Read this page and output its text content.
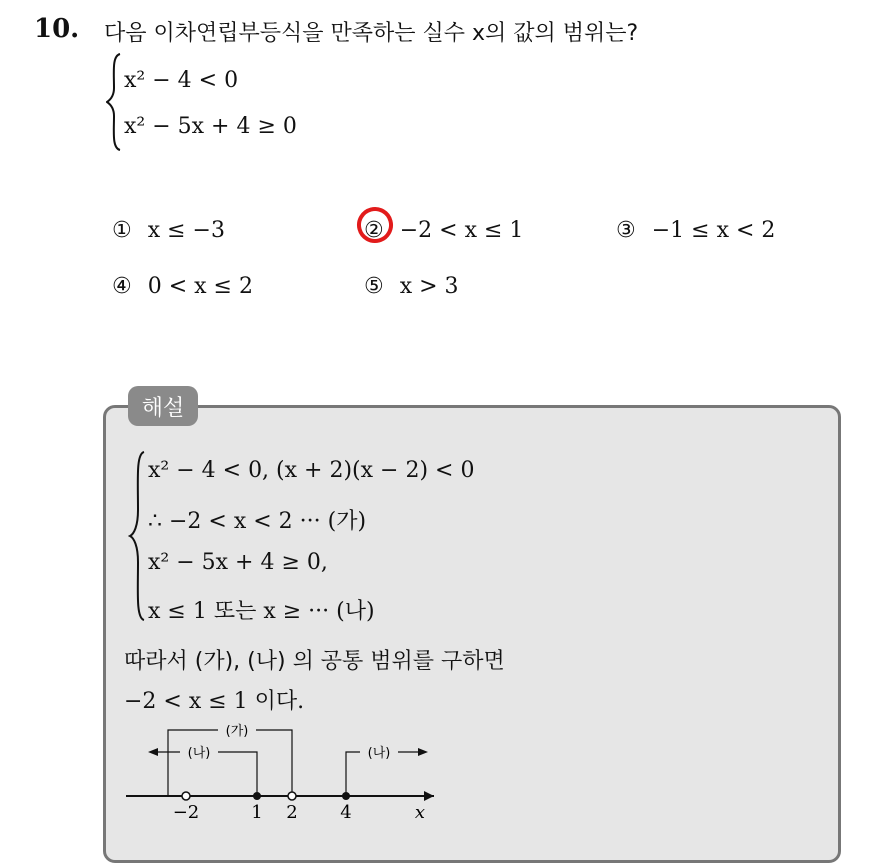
10. 다음 이차연립부등식을 만족하는 실수 x의 값의 범위는?
x² − 4 < 0
x² − 5x + 4 ≥ 0
① x ≤ −3	② −2 < x ≤ 1	③ −1 ≤ x < 2
④ 0 < x ≤ 2	⑤ x > 3
해설
x² − 4 < 0, (x + 2)(x − 2) < 0
∴ −2 < x < 2 ··· (가)
x² − 5x + 4 ≥ 0,
x ≤ 1 또는 x ≥ ··· (나)
따라서 (가), (나) 의 공통 범위를 구하면
−2 < x ≤ 1 이다.
(가)
(나)	(나)
−2	1 2 4	x
